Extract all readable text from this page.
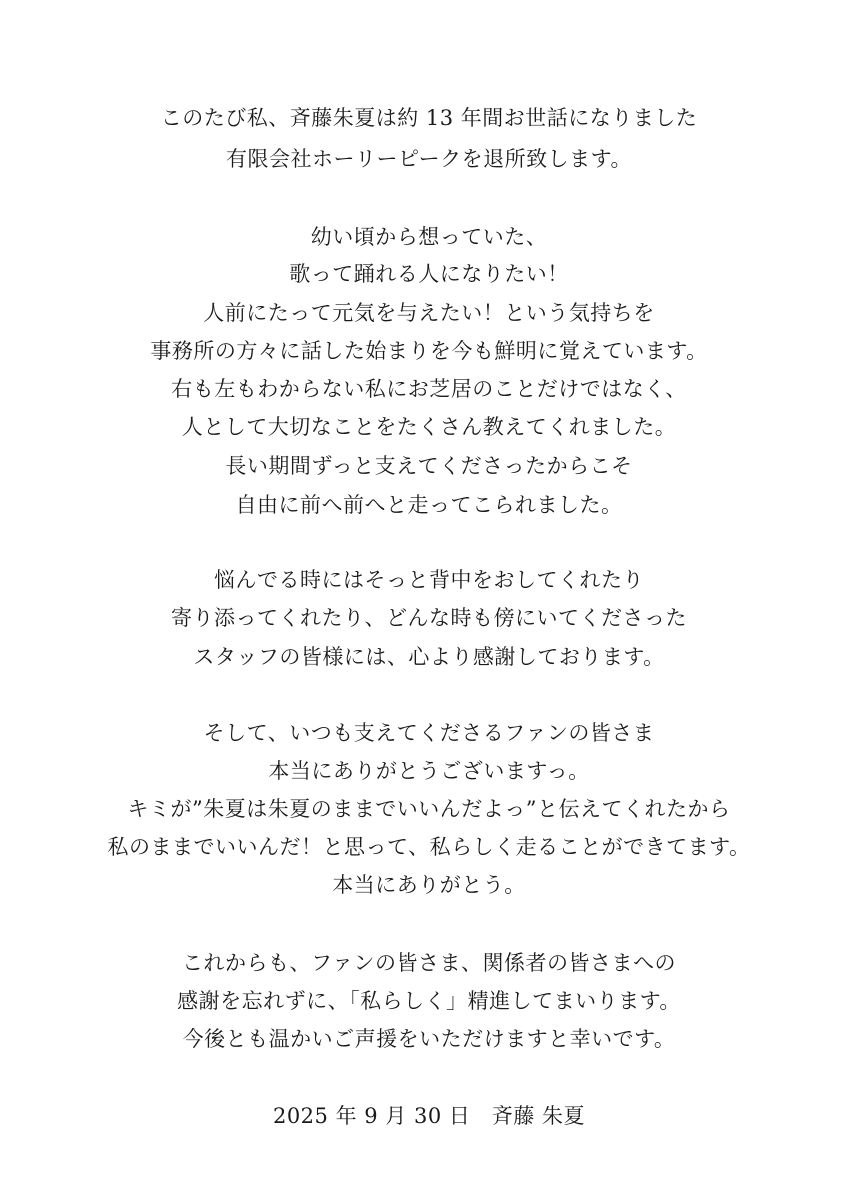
このたび私、斉藤朱夏は約 13 年間お世話になりました
有限会社ホーリーピークを退所致します。
幼い頃から想っていた、
歌って踊れる人になりたい！
人前にたって元気を与えたい！という気持ちを
事務所の方々に話した始まりを今も鮮明に覚えています。
右も左もわからない私にお芝居のことだけではなく、
人として大切なことをたくさん教えてくれました。
長い期間ずっと支えてくださったからこそ
自由に前へ前へと走ってこられました。
悩んでる時にはそっと背中をおしてくれたり
寄り添ってくれたり、どんな時も傍にいてくださった
スタッフの皆様には、心より感謝しております。
そして、いつも支えてくださるファンの皆さま
本当にありがとうございますっ。
キミが”朱夏は朱夏のままでいいんだよっ”と伝えてくれたから
私のままでいいんだ！と思って、私らしく走ることができてます。
本当にありがとう。
これからも、ファンの皆さま、関係者の皆さまへの
感謝を忘れずに、「私らしく」精進してまいります。
今後とも温かいご声援をいただけますと幸いです。
2025 年 9 月 30 日　斉藤 朱夏
